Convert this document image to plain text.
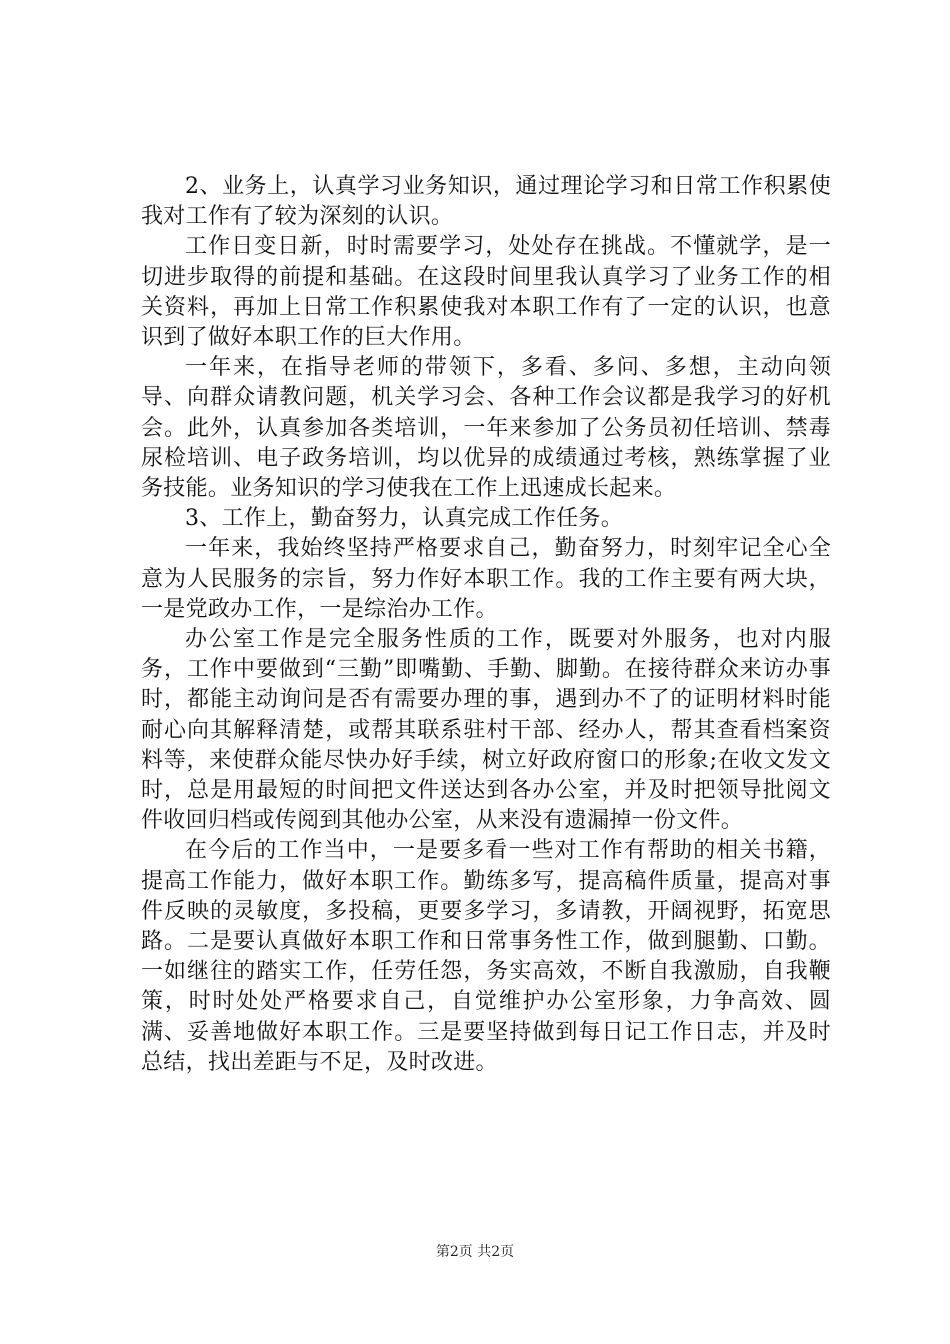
2、业务上，认真学习业务知识，通过理论学习和日常工作积累使我对工作有了较为深刻的认识。

工作日变日新，时时需要学习，处处存在挑战。不懂就学，是一切进步取得的前提和基础。在这段时间里我认真学习了业务工作的相关资料，再加上日常工作积累使我对本职工作有了一定的认识，也意识到了做好本职工作的巨大作用。

一年来，在指导老师的带领下，多看、多问、多想，主动向领导、向群众请教问题，机关学习会、各种工作会议都是我学习的好机会。此外，认真参加各类培训，一年来参加了公务员初任培训、禁毒尿检培训、电子政务培训，均以优异的成绩通过考核，熟练掌握了业务技能。业务知识的学习使我在工作上迅速成长起来。

3、工作上，勤奋努力，认真完成工作任务。

一年来，我始终坚持严格要求自己，勤奋努力，时刻牢记全心全意为人民服务的宗旨，努力作好本职工作。我的工作主要有两大块，一是党政办工作，一是综治办工作。

办公室工作是完全服务性质的工作，既要对外服务，也对内服务，工作中要做到“三勤”即嘴勤、手勤、脚勤。在接待群众来访办事时，都能主动询问是否有需要办理的事，遇到办不了的证明材料时能耐心向其解释清楚，或帮其联系驻村干部、经办人，帮其查看档案资料等，来使群众能尽快办好手续，树立好政府窗口的形象;在收文发文时，总是用最短的时间把文件送达到各办公室，并及时把领导批阅文件收回归档或传阅到其他办公室，从来没有遗漏掉一份文件。

在今后的工作当中，一是要多看一些对工作有帮助的相关书籍，提高工作能力，做好本职工作。勤练多写，提高稿件质量，提高对事件反映的灵敏度，多投稿，更要多学习，多请教，开阔视野，拓宽思路。二是要认真做好本职工作和日常事务性工作，做到腿勤、口勤。一如继往的踏实工作，任劳任怨，务实高效，不断自我激励，自我鞭策，时时处处严格要求自己，自觉维护办公室形象，力争高效、圆满、妥善地做好本职工作。三是要坚持做到每日记工作日志，并及时总结，找出差距与不足，及时改进。

第2页 共2页
